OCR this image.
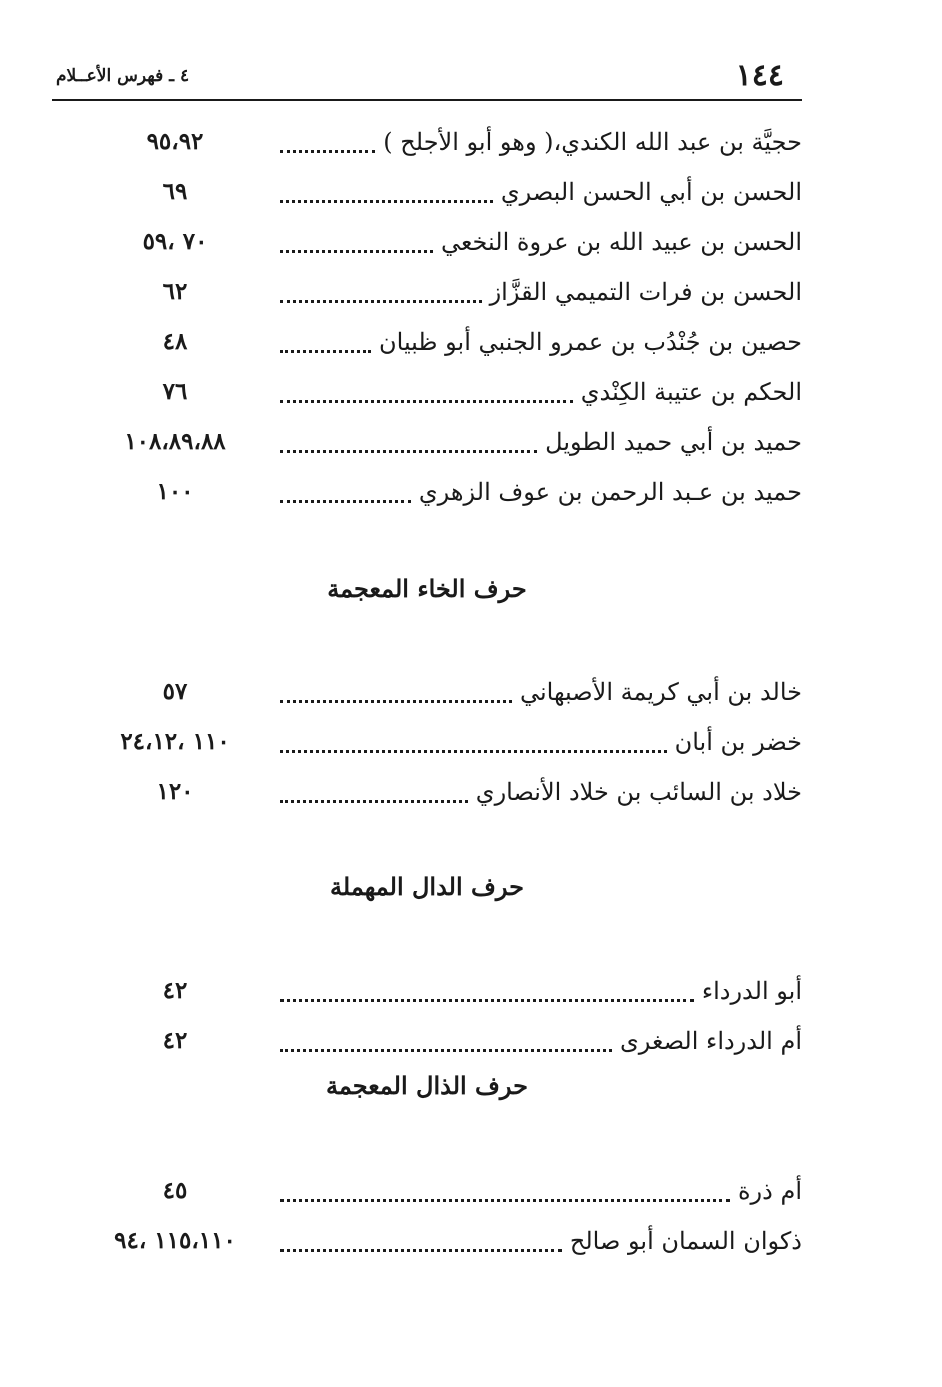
١٤٤
٤ ـ فهرس الأعــلام
حجيَّة بن عبد الله الكندي،( وهو أبو الأجلح )
٩٥،٩٢
الحسن بن أبي الحسن البصري
٦٩
الحسن بن عبيد الله بن عروة النخعي
٧٠ ،٥٩
الحسن بن فرات التميمي القزَّاز
٦٢
حصين بن جُنْدُب بن عمرو الجنبي أبو ظبيان
٤٨
الحكم بن عتيبة الكِنْدي
٧٦
حميد بن أبي حميد الطويل
١٠٨،٨٩،٨٨
حميد بن عـبد الرحمن بن عوف الزهري
١٠٠
حرف الخاء المعجمة
خالد بن أبي كريمة الأصبهاني
٥٧
خضر بن أبان
١١٠ ،٢٤،١٢
خلاد بن السائب بن خلاد الأنصاري
١٢٠
حرف الدال المهملة
أبو الدرداء
٤٢
أم الدرداء الصغرى
٤٢
حرف الذال المعجمة
أم ذرة
٤٥
ذكوان السمان أبو صالح
١١٥،١١٠ ،٩٤
